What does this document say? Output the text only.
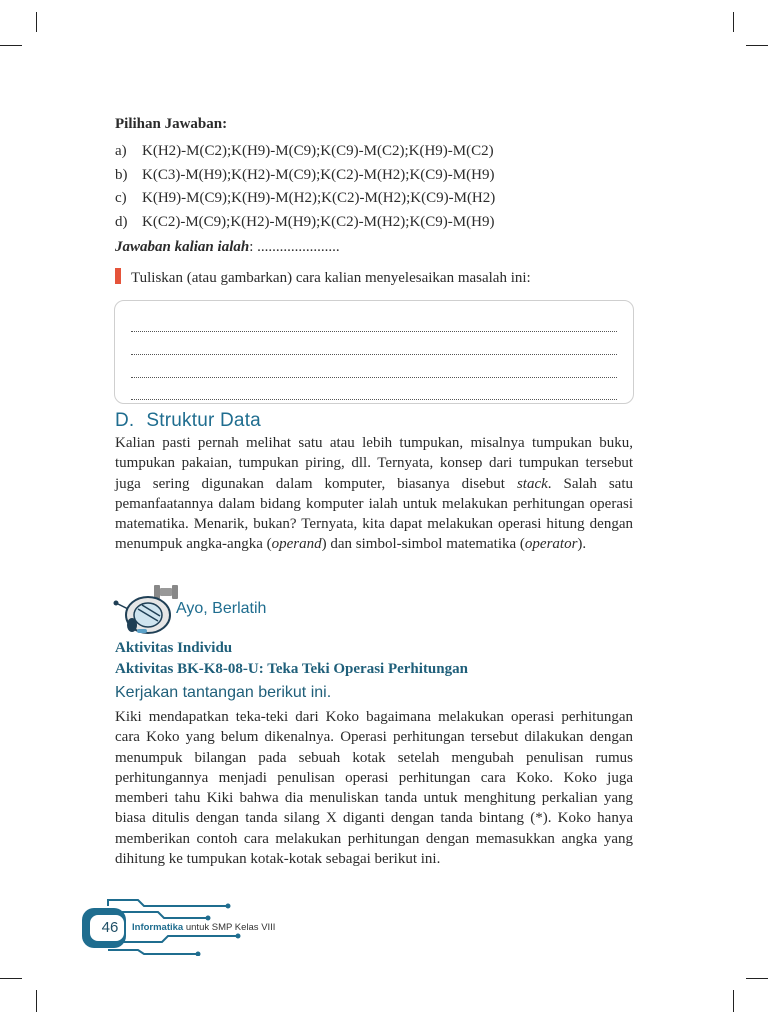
Pilihan Jawaban:
a) K(H2)-M(C2);K(H9)-M(C9);K(C9)-M(C2);K(H9)-M(C2)
b) K(C3)-M(H9);K(H2)-M(C9);K(C2)-M(H2);K(C9)-M(H9)
c) K(H9)-M(C9);K(H9)-M(H2);K(C2)-M(H2);K(C9)-M(H2)
d) K(C2)-M(C9);K(H2)-M(H9);K(C2)-M(H2);K(C9)-M(H9)
Jawaban kalian ialah: ......................
Tuliskan (atau gambarkan) cara kalian menyelesaikan masalah ini:
D. Struktur Data
Kalian pasti pernah melihat satu atau lebih tumpukan, misalnya tumpukan buku, tumpukan pakaian, tumpukan piring, dll. Ternyata, konsep dari tumpukan tersebut juga sering digunakan dalam komputer, biasanya disebut stack. Salah satu pemanfaatannya dalam bidang komputer ialah untuk melakukan perhitungan operasi matematika. Menarik, bukan? Ternyata, kita dapat melakukan operasi hitung dengan menumpuk angka-angka (operand) dan simbol-simbol matematika (operator).
Ayo, Berlatih
Aktivitas Individu
Aktivitas BK-K8-08-U: Teka Teki Operasi Perhitungan
Kerjakan tantangan berikut ini.
Kiki mendapatkan teka-teki dari Koko bagaimana melakukan operasi perhitungan cara Koko yang belum dikenalnya. Operasi perhitungan tersebut dilakukan dengan menumpuk bilangan pada sebuah kotak setelah mengubah penulisan rumus perhitungannya menjadi penulisan operasi perhitungan cara Koko. Koko juga memberi tahu Kiki bahwa dia menuliskan tanda untuk menghitung perkalian yang biasa ditulis dengan tanda silang X diganti dengan tanda bintang (*). Koko hanya memberikan contoh cara melakukan perhitungan dengan memasukkan angka yang dihitung ke tumpukan kotak-kotak sebagai berikut ini.
46	Informatika untuk SMP Kelas VIII
